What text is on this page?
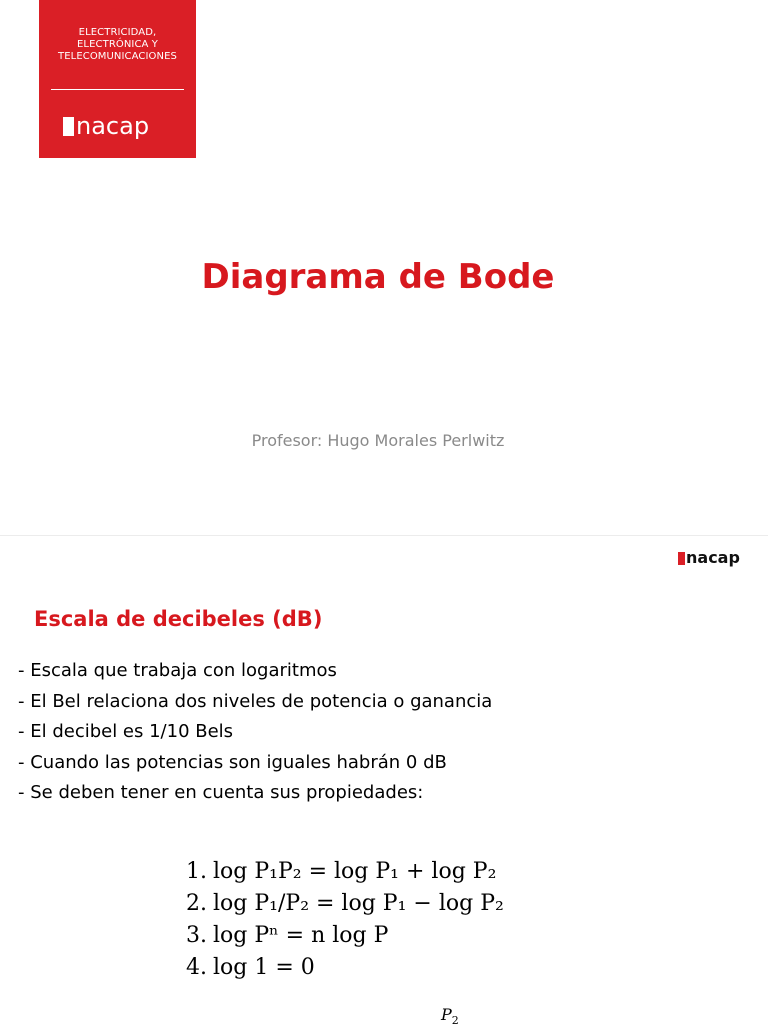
ELECTRICIDAD,
ELECTRÓNICA Y
TELECOMUNICACIONES
nacap
Diagrama de Bode
Profesor: Hugo Morales Perlwitz
nacap
Escala de decibeles (dB)
- Escala que trabaja con logaritmos
- El Bel relaciona dos niveles de potencia o ganancia
- El decibel es 1/10 Bels
- Cuando las potencias son iguales habrán 0 dB
- Se deben tener en cuenta sus propiedades:
1. log P₁P₂ = log P₁ + log P₂
2. log P₁/P₂ = log P₁ − log P₂
3. log Pⁿ = n log P
4. log 1 = 0
$P_2$
